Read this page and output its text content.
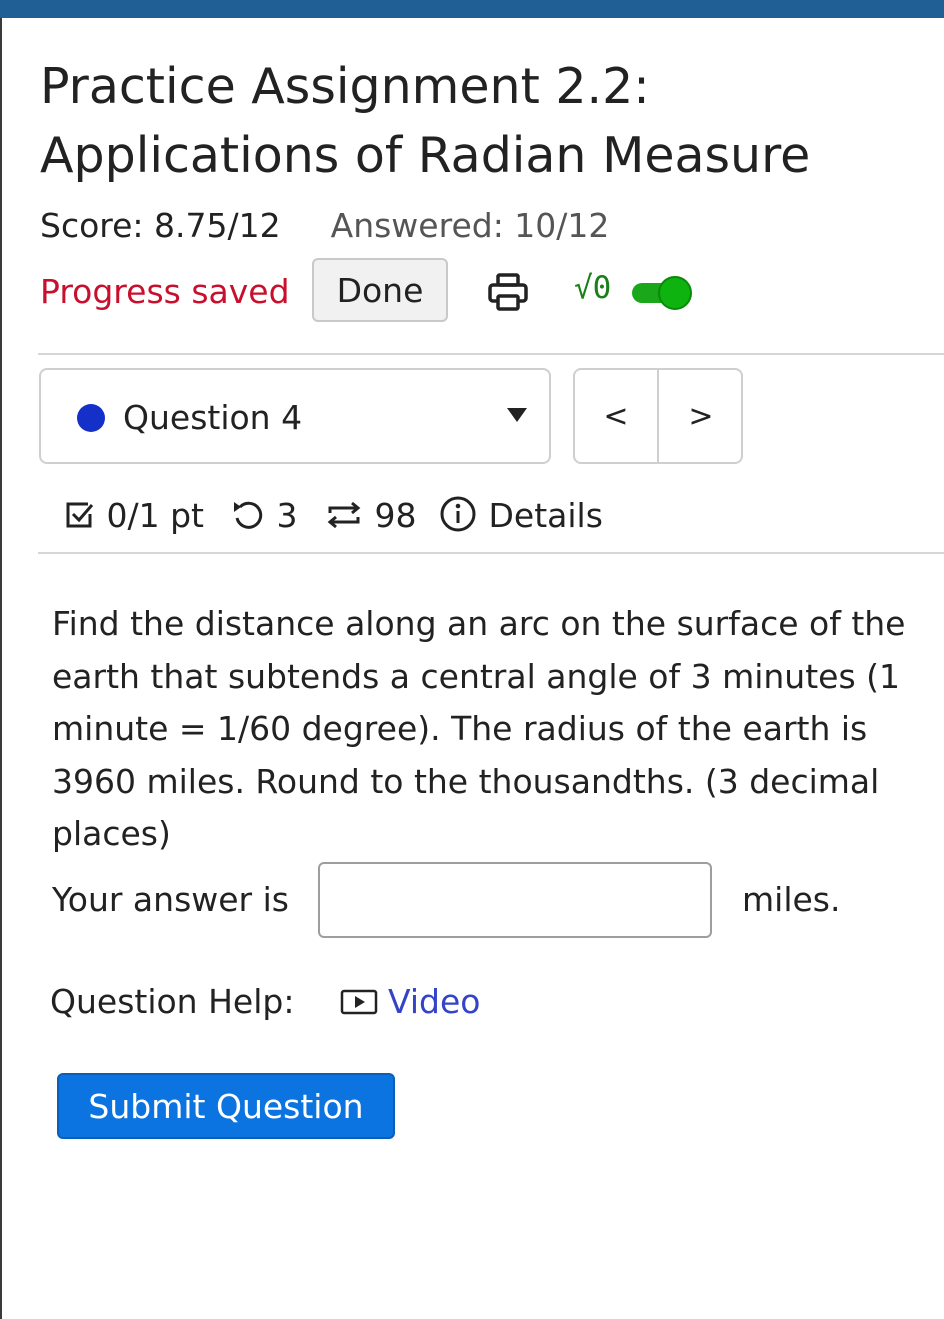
Practice Assignment 2.2: Applications of Radian Measure
Score: 8.75/12 Answered: 10/12
Progress saved	Done	√0
Question 4	<	>
0/1 pt	3	98	Details

Find the distance along an arc on the surface of the earth that subtends a central angle of 3 minutes (1 minute = 1/60 degree). The radius of the earth is 3960 miles. Round to the thousandths. (3 decimal places)

Your answer is	miles.
Question Help:	Video
Submit Question
